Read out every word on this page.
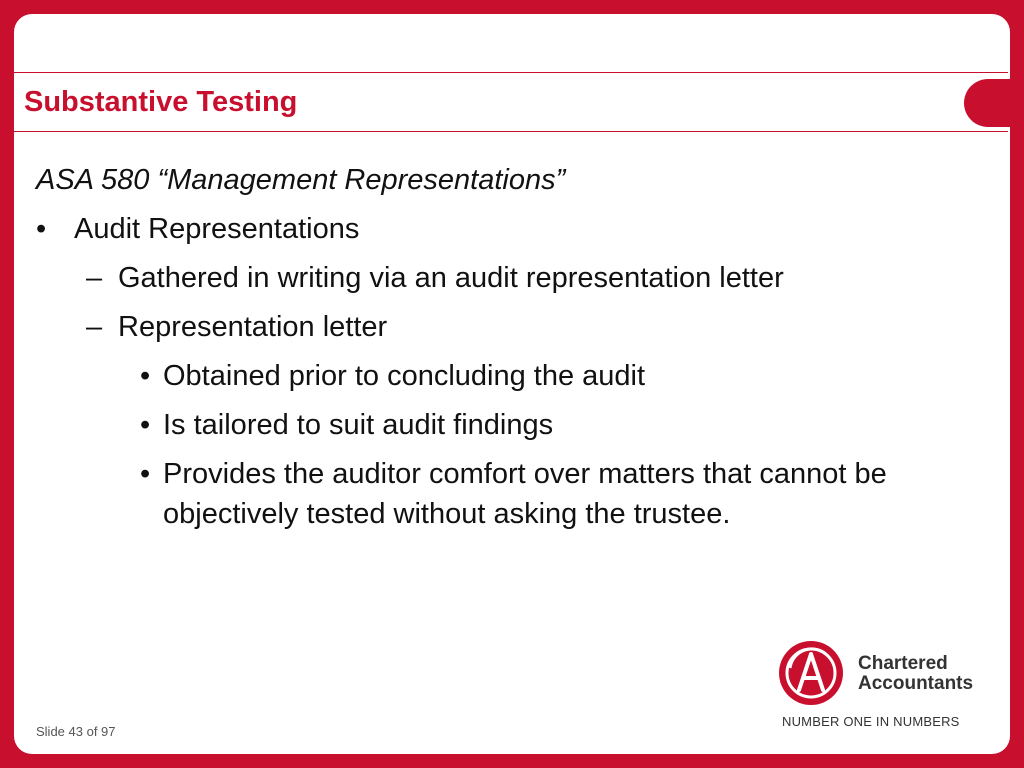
Substantive Testing
ASA 580 “Management Representations”
• Audit Representations
– Gathered in writing via an audit representation letter
– Representation letter
• Obtained prior to concluding the audit
• Is tailored to suit audit findings
• Provides the auditor comfort over matters that cannot be objectively tested without asking the trustee.
Slide 43 of 97
Chartered
Accountants
NUMBER ONE IN NUMBERS
